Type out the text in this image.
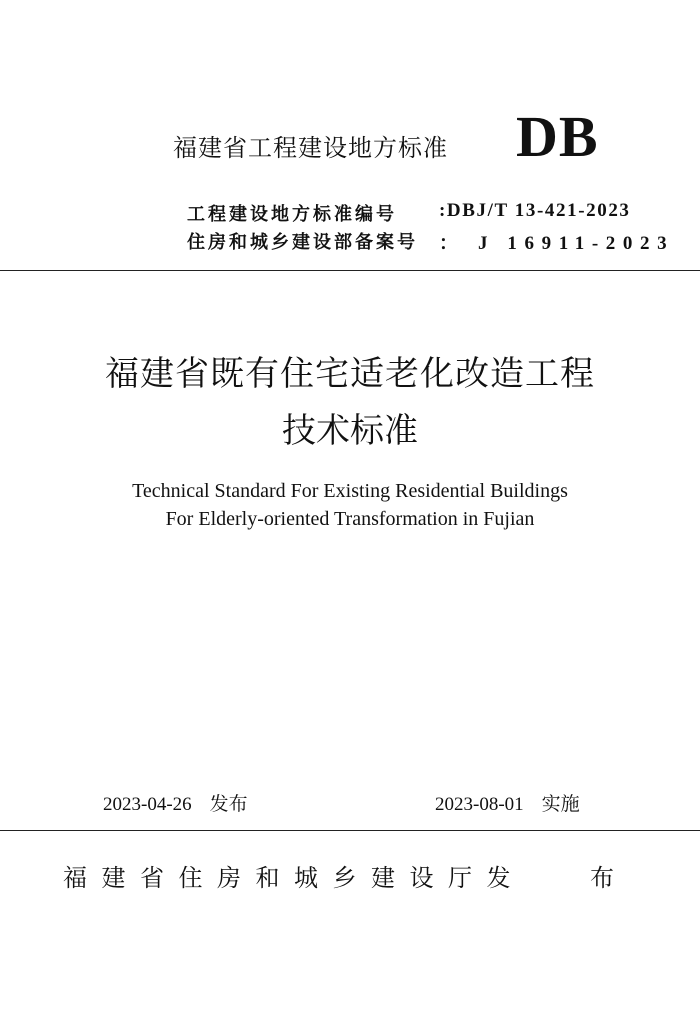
福建省工程建设地方标准 DB
工程建设地方标准编号 :DBJ/T 13-421-2023
住房和城乡建设部备案号 ： J 16911-2023
福建省既有住宅适老化改造工程
技术标准
Technical Standard For Existing Residential Buildings
For Elderly-oriented Transformation in Fujian
2023-04-26 发布	2023-08-01 实施
福建省住房和城乡建设厅发	布
